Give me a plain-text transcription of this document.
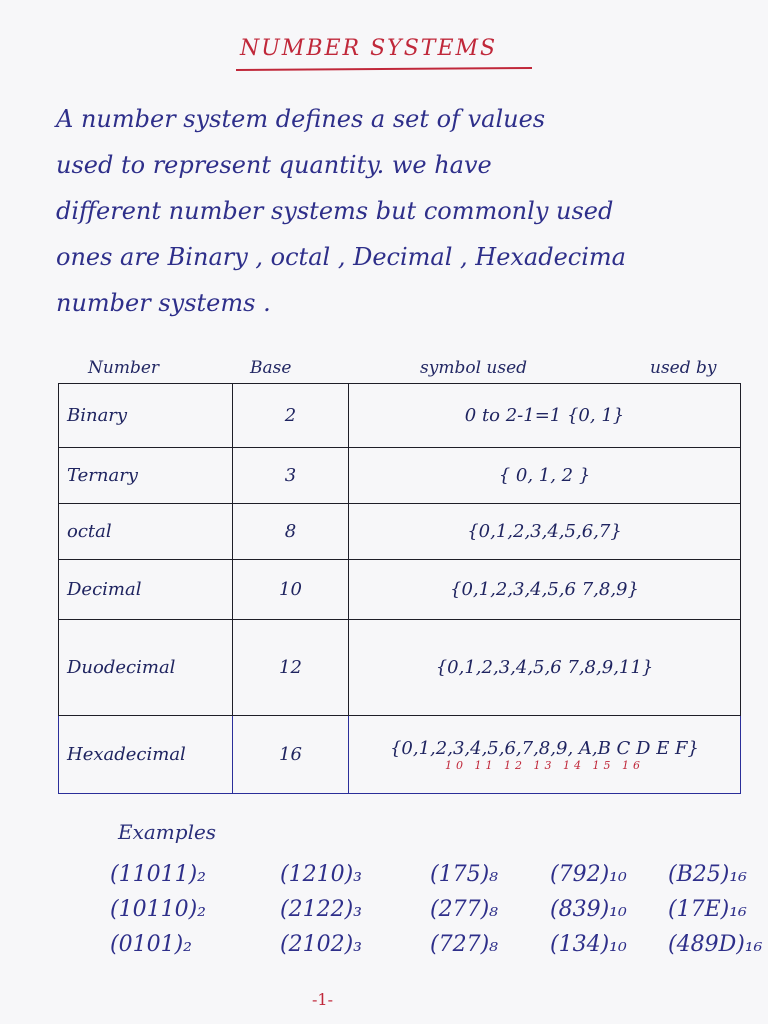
NUMBER SYSTEMS
A number system defines a set of values
used to represent quantity. we have
different number systems but commonly used
ones are Binary , octal , Decimal , Hexadecima
number systems .
Number	Base	symbol used	used by
Binary	2	0 to 2-1=1 {0, 1}
Ternary	3	{ 0, 1, 2 }
octal	8	{0,1,2,3,4,5,6,7}
Decimal	10	{0,1,2,3,4,5,6 7,8,9}
Duodecimal	12	{0,1,2,3,4,5,6 7,8,9,11}
Hexadecimal	16	{0,1,2,3,4,5,6,7,8,9, A,B C D E F}
10 11 12 13 14 15 16
Examples
(11011)₂	(1210)₃	(175)₈	(792)₁₀	(B25)₁₆
(10110)₂	(2122)₃	(277)₈	(839)₁₀	(17E)₁₆
(0101)₂	(2102)₃	(727)₈	(134)₁₀	(489D)₁₆
-1-
